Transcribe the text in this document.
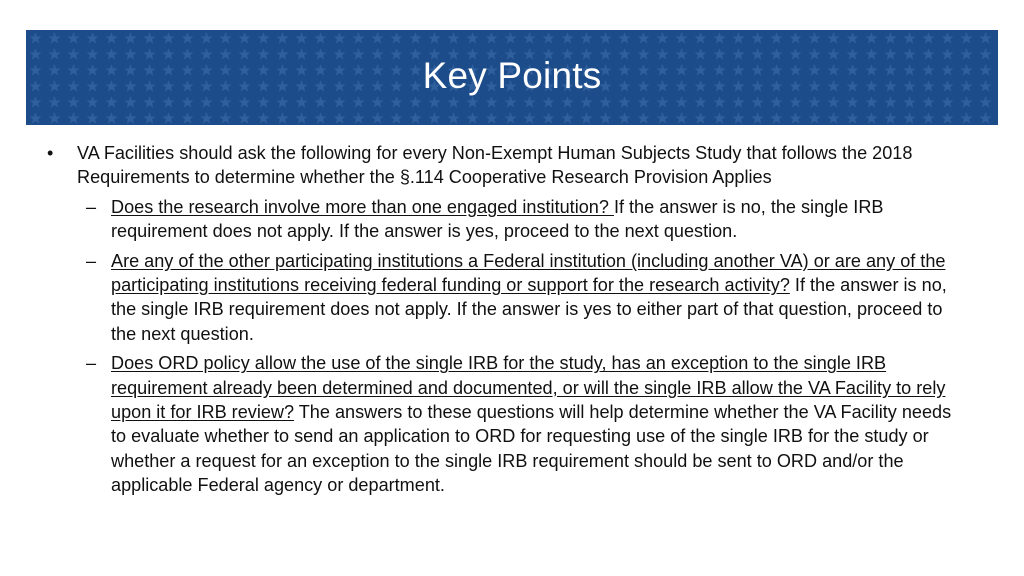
Key Points
• VA Facilities should ask the following for every Non-Exempt Human Subjects Study that follows the 2018 Requirements to determine whether the §.114 Cooperative Research Provision Applies
– Does the research involve more than one engaged institution? If the answer is no, the single IRB requirement does not apply. If the answer is yes, proceed to the next question.
– Are any of the other participating institutions a Federal institution (including another VA) or are any of the participating institutions receiving federal funding or support for the research activity? If the answer is no, the single IRB requirement does not apply. If the answer is yes to either part of that question, proceed to the next question.
– Does ORD policy allow the use of the single IRB for the study, has an exception to the single IRB requirement already been determined and documented, or will the single IRB allow the VA Facility to rely upon it for IRB review? The answers to these questions will help determine whether the VA Facility needs to evaluate whether to send an application to ORD for requesting use of the single IRB for the study or whether a request for an exception to the single IRB requirement should be sent to ORD and/or the applicable Federal agency or department.
